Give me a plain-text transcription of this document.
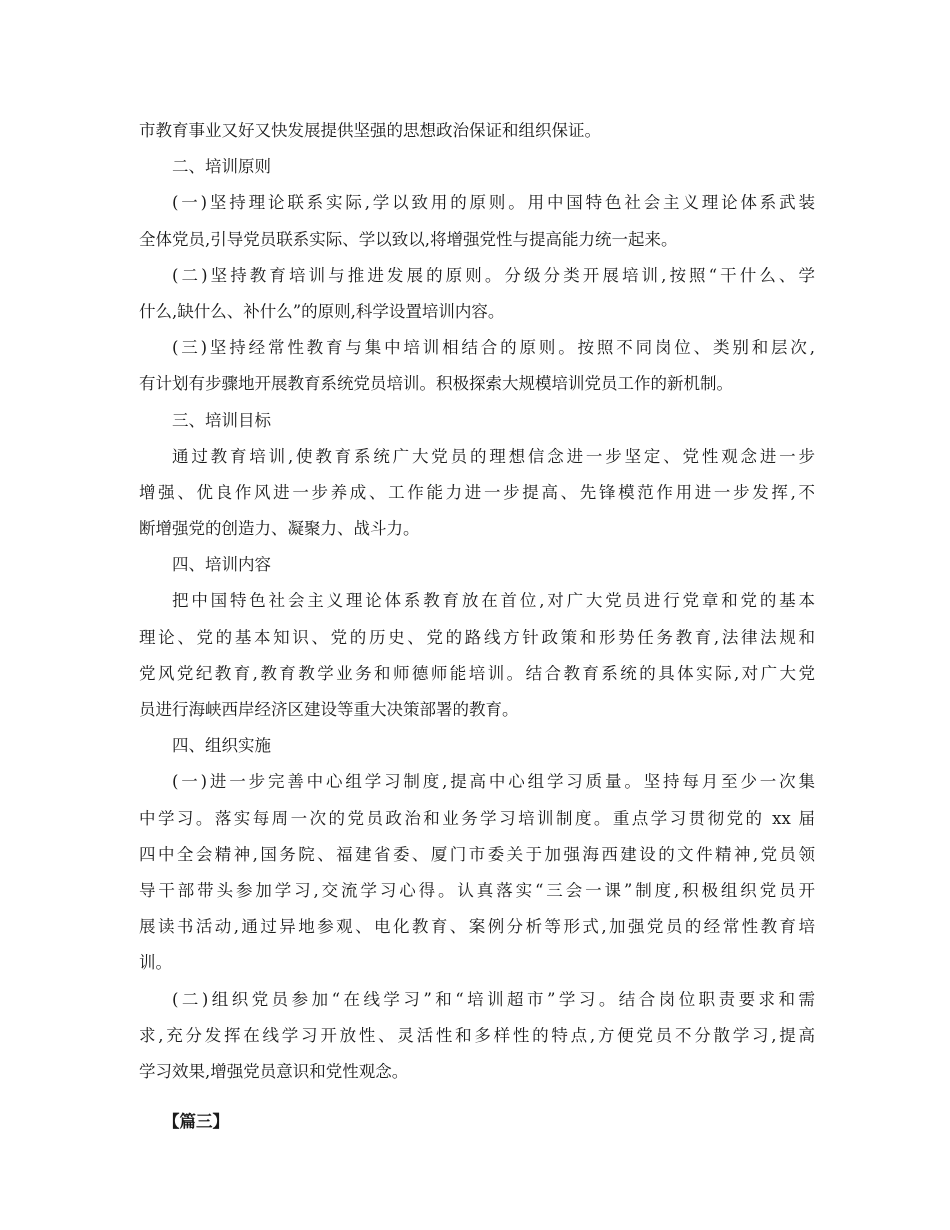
市教育事业又好又快发展提供坚强的思想政治保证和组织保证。
二、培训原则
(一)坚持理论联系实际,学以致用的原则。用中国特色社会主义理论体系武装
全体党员,引导党员联系实际、学以致以,将增强党性与提高能力统一起来。
(二)坚持教育培训与推进发展的原则。分级分类开展培训,按照“干什么、学
什么,缺什么、补什么”的原则,科学设置培训内容。
(三)坚持经常性教育与集中培训相结合的原则。按照不同岗位、类别和层次,
有计划有步骤地开展教育系统党员培训。积极探索大规模培训党员工作的新机制。
三、培训目标
通过教育培训,使教育系统广大党员的理想信念进一步坚定、党性观念进一步
增强、优良作风进一步养成、工作能力进一步提高、先锋模范作用进一步发挥,不
断增强党的创造力、凝聚力、战斗力。
四、培训内容
把中国特色社会主义理论体系教育放在首位,对广大党员进行党章和党的基本
理论、党的基本知识、党的历史、党的路线方针政策和形势任务教育,法律法规和
党风党纪教育,教育教学业务和师德师能培训。结合教育系统的具体实际,对广大党
员进行海峡西岸经济区建设等重大决策部署的教育。
四、组织实施
(一)进一步完善中心组学习制度,提高中心组学习质量。坚持每月至少一次集
中学习。落实每周一次的党员政治和业务学习培训制度。重点学习贯彻党的 xx 届
四中全会精神,国务院、福建省委、厦门市委关于加强海西建设的文件精神,党员领
导干部带头参加学习,交流学习心得。认真落实“三会一课”制度,积极组织党员开
展读书活动,通过异地参观、电化教育、案例分析等形式,加强党员的经常性教育培
训。
(二)组织党员参加“在线学习”和“培训超市”学习。结合岗位职责要求和需
求,充分发挥在线学习开放性、灵活性和多样性的特点,方便党员不分散学习,提高
学习效果,增强党员意识和党性观念。
【篇三】
